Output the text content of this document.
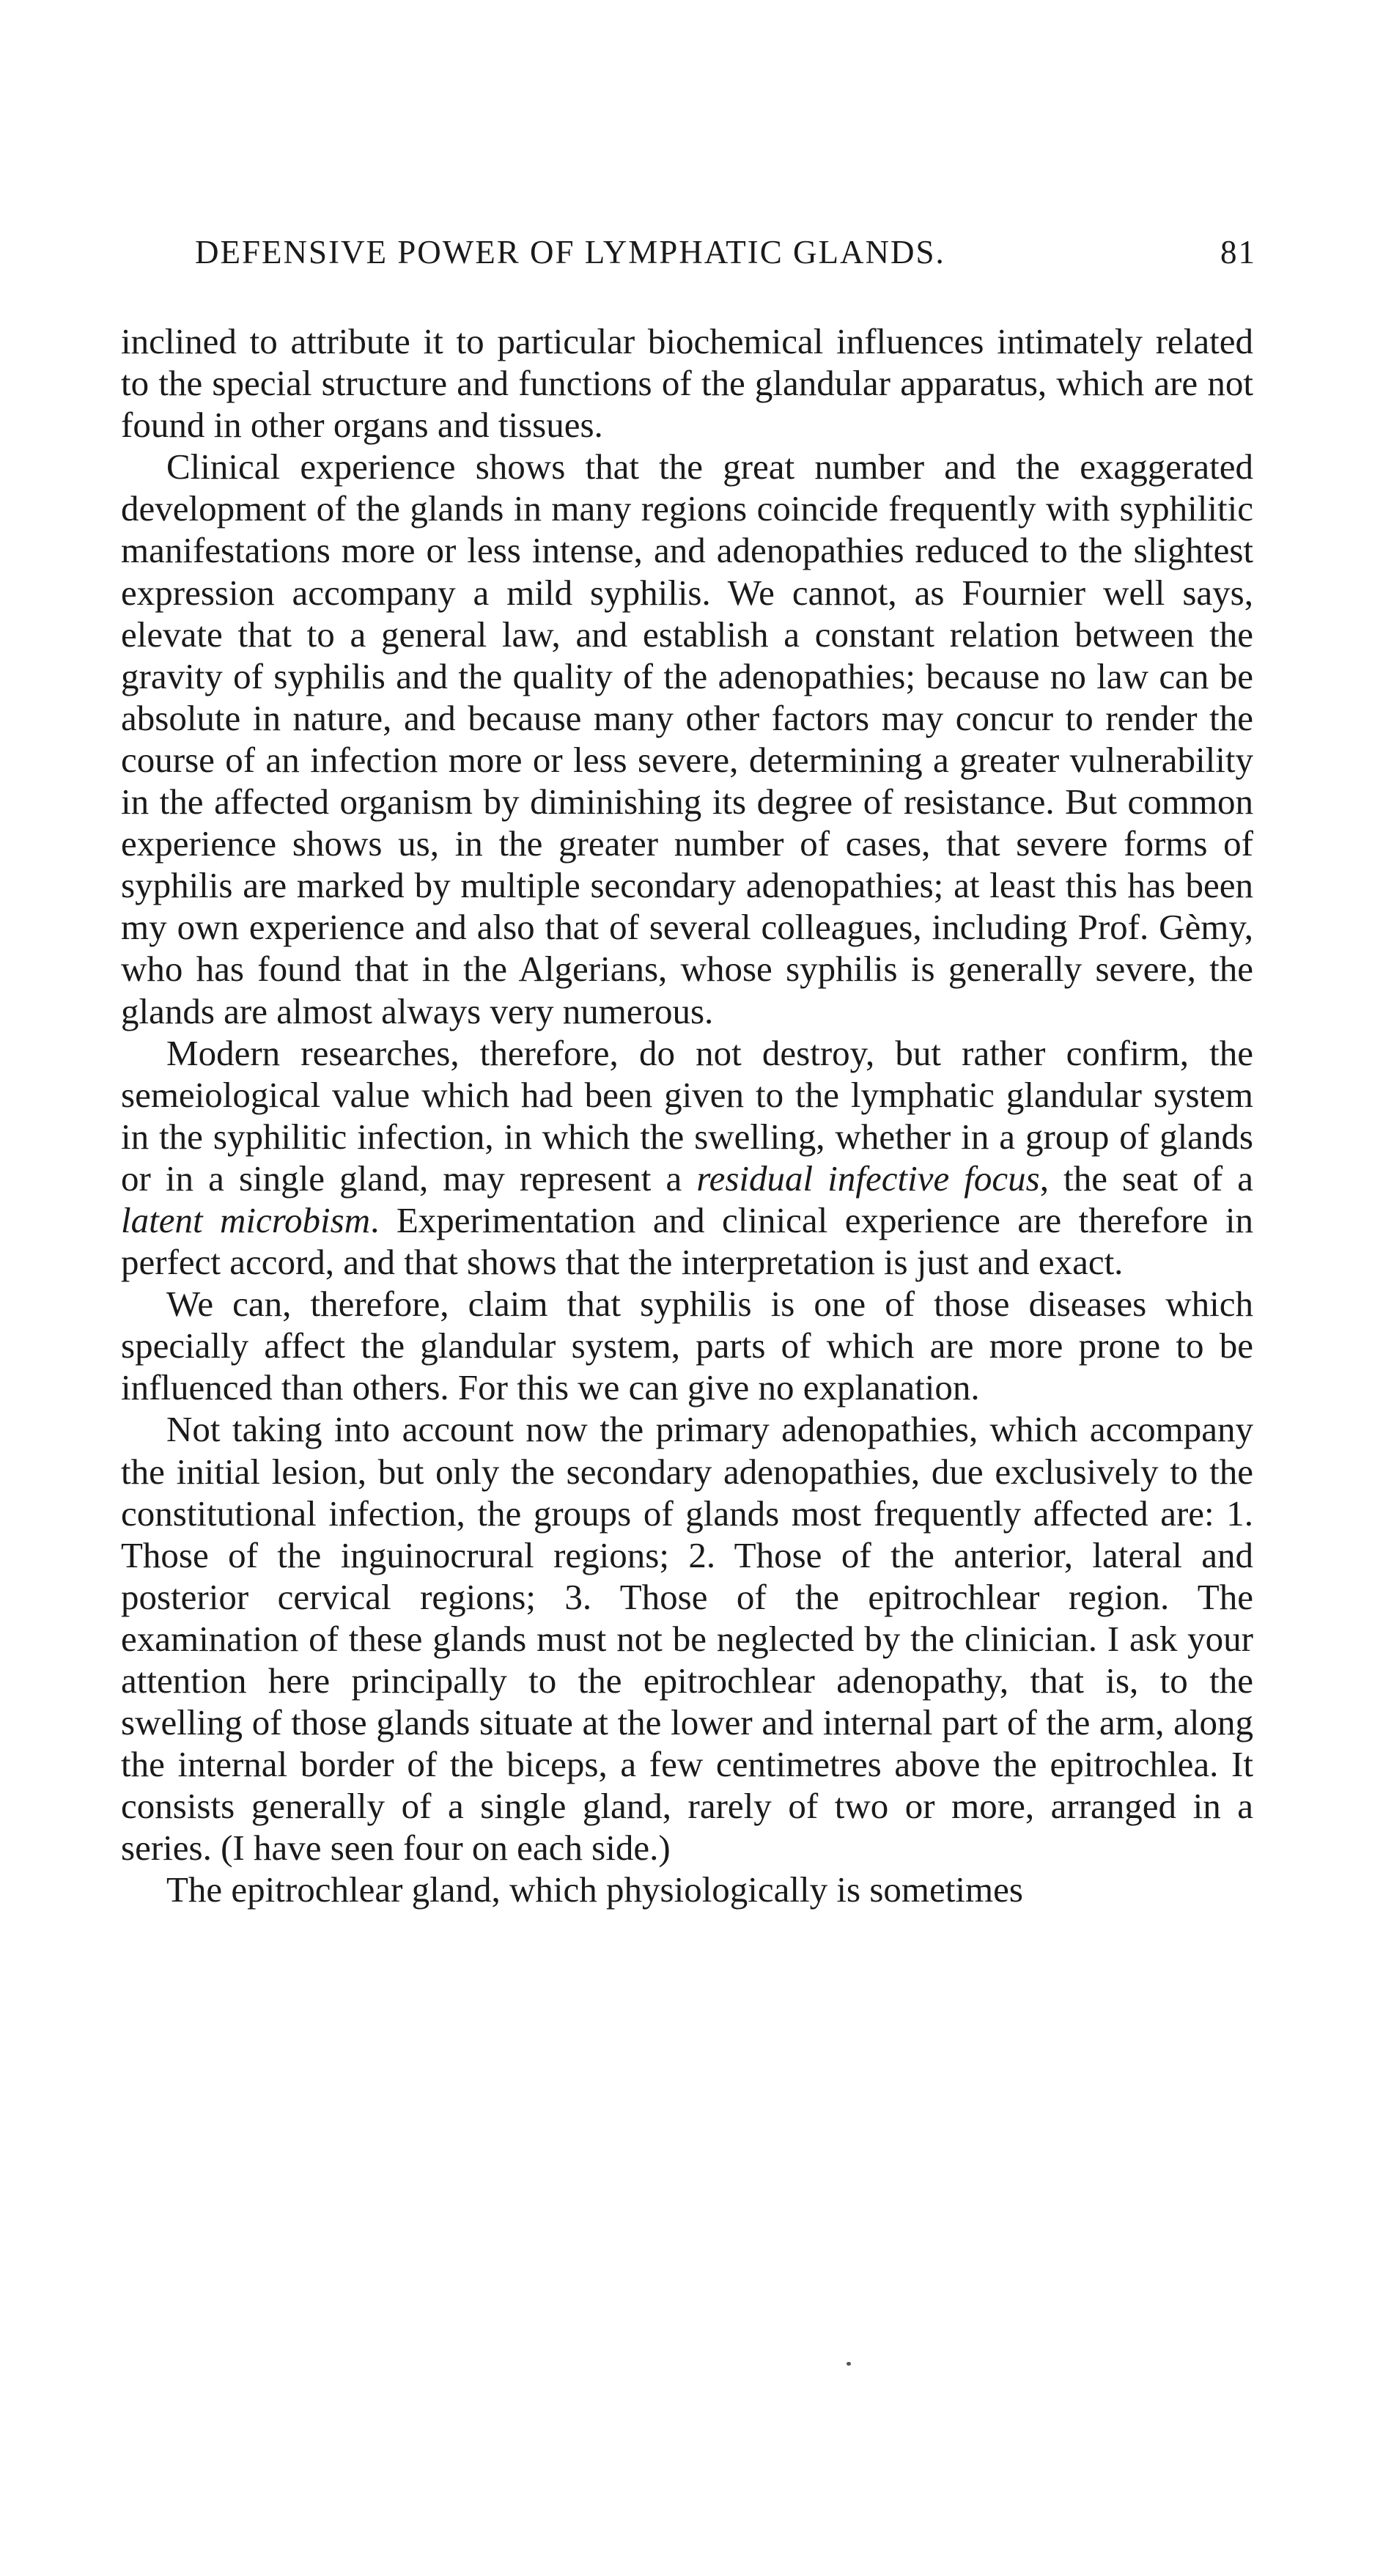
DEFENSIVE POWER OF LYMPHATIC GLANDS.	81

inclined to attribute it to particular biochemical influences intimately related to the special structure and functions of the glandular apparatus, which are not found in other organs and tissues.

Clinical experience shows that the great number and the exaggerated development of the glands in many regions coincide frequently with syphilitic manifestations more or less intense, and adenopathies reduced to the slightest expression accompany a mild syphilis. We cannot, as Fournier well says, elevate that to a general law, and establish a constant relation between the gravity of syphilis and the quality of the adenopathies; because no law can be absolute in nature, and because many other factors may concur to render the course of an infection more or less severe, determining a greater vulnerability in the affected organism by diminishing its degree of resistance. But common experience shows us, in the greater number of cases, that severe forms of syphilis are marked by multiple secondary adenopathies; at least this has been my own experience and also that of several colleagues, including Prof. Gèmy, who has found that in the Algerians, whose syphilis is generally severe, the glands are almost always very numerous.

Modern researches, therefore, do not destroy, but rather confirm, the semeiological value which had been given to the lymphatic glandular system in the syphilitic infection, in which the swelling, whether in a group of glands or in a single gland, may represent a residual infective focus, the seat of a latent microbism. Experimentation and clinical experience are therefore in perfect accord, and that shows that the interpretation is just and exact.

We can, therefore, claim that syphilis is one of those diseases which specially affect the glandular system, parts of which are more prone to be influenced than others. For this we can give no explanation.

Not taking into account now the primary adenopathies, which accompany the initial lesion, but only the secondary adenopathies, due exclusively to the constitutional infection, the groups of glands most frequently affected are: 1. Those of the inguinocrural regions; 2. Those of the anterior, lateral and posterior cervical regions; 3. Those of the epitrochlear region. The examination of these glands must not be neglected by the clinician. I ask your attention here principally to the epitrochlear adenopathy, that is, to the swelling of those glands situate at the lower and internal part of the arm, along the internal border of the biceps, a few centimetres above the epitrochlea. It consists generally of a single gland, rarely of two or more, arranged in a series. (I have seen four on each side.)

The epitrochlear gland, which physiologically is sometimes
